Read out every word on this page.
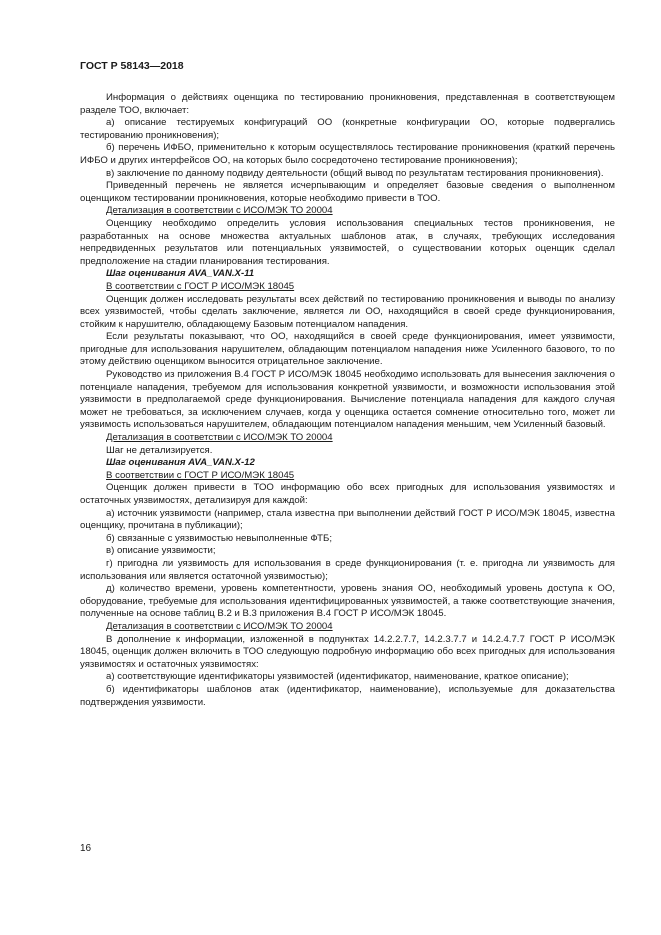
ГОСТ Р 58143—2018

Информация о действиях оценщика по тестированию проникновения, представленная в соответствующем разделе ТОО, включает:

а) описание тестируемых конфигураций ОО (конкретные конфигурации ОО, которые подвергались тестированию проникновения);

б) перечень ИФБО, применительно к которым осуществлялось тестирование проникновения (краткий перечень ИФБО и других интерфейсов ОО, на которых было сосредоточено тестирование проникновения);

в) заключение по данному подвиду деятельности (общий вывод по результатам тестирования проникновения).

Приведенный перечень не является исчерпывающим и определяет базовые сведения о выполненном оценщиком тестировании проникновения, которые необходимо привести в ТОО.

Детализация в соответствии с ИСО/МЭК ТО 20004

Оценщику необходимо определить условия использования специальных тестов проникновения, не разработанных на основе множества актуальных шаблонов атак, в случаях, требующих исследования непредвиденных результатов или потенциальных уязвимостей, о существовании которых оценщик сделал предположение на стадии планирования тестирования.

Шаг оценивания AVA_VAN.X-11

В соответствии с ГОСТ Р ИСО/МЭК 18045

Оценщик должен исследовать результаты всех действий по тестированию проникновения и выводы по анализу всех уязвимостей, чтобы сделать заключение, является ли ОО, находящийся в своей среде функционирования, стойким к нарушителю, обладающему Базовым потенциалом нападения.

Если результаты показывают, что ОО, находящийся в своей среде функционирования, имеет уязвимости, пригодные для использования нарушителем, обладающим потенциалом нападения ниже Усиленного базового, то по этому действию оценщиком выносится отрицательное заключение.

Руководство из приложения В.4 ГОСТ Р ИСО/МЭК 18045 необходимо использовать для вынесения заключения о потенциале нападения, требуемом для использования конкретной уязвимости, и возможности использования этой уязвимости в предполагаемой среде функционирования. Вычисление потенциала нападения для каждого случая может не требоваться, за исключением случаев, когда у оценщика остается сомнение относительно того, может ли уязвимость использоваться нарушителем, обладающим потенциалом нападения меньшим, чем Усиленный базовый.

Детализация в соответствии с ИСО/МЭК ТО 20004

Шаг не детализируется.

Шаг оценивания AVA_VAN.X-12

В соответствии с ГОСТ Р ИСО/МЭК 18045

Оценщик должен привести в ТОО информацию обо всех пригодных для использования уязвимостях и остаточных уязвимостях, детализируя для каждой:

а) источник уязвимости (например, стала известна при выполнении действий ГОСТ Р ИСО/МЭК 18045, известна оценщику, прочитана в публикации);

б) связанные с уязвимостью невыполненные ФТБ;

в) описание уязвимости;

г) пригодна ли уязвимость для использования в среде функционирования (т. е. пригодна ли уязвимость для использования или является остаточной уязвимостью);

д) количество времени, уровень компетентности, уровень знания ОО, необходимый уровень доступа к ОО, оборудование, требуемые для использования идентифицированных уязвимостей, а также соответствующие значения, полученные на основе таблиц В.2 и В.3 приложения В.4 ГОСТ Р ИСО/МЭК 18045.

Детализация в соответствии с ИСО/МЭК ТО 20004

В дополнение к информации, изложенной в подпунктах 14.2.2.7.7, 14.2.3.7.7 и 14.2.4.7.7 ГОСТ Р ИСО/МЭК 18045, оценщик должен включить в ТОО следующую подробную информацию обо всех пригодных для использования уязвимостях и остаточных уязвимостях:

а) соответствующие идентификаторы уязвимостей (идентификатор, наименование, краткое описание);

б) идентификаторы шаблонов атак (идентификатор, наименование), используемые для доказательства подтверждения уязвимости.

16
